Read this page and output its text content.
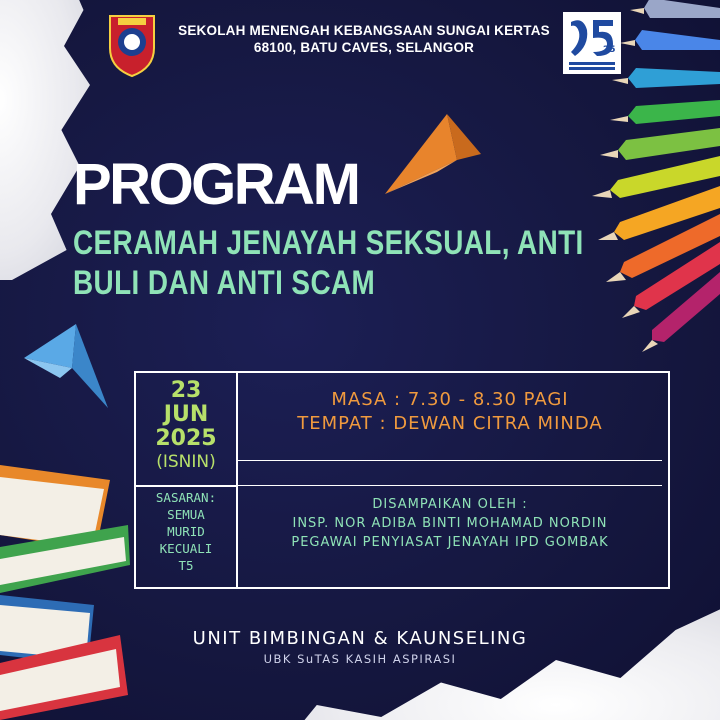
SEKOLAH MENENGAH KEBANGSAAN SUNGAI KERTAS
68100, BATU CAVES, SELANGOR	25
PROGRAM
CERAMAH JENAYAH SEKSUAL, ANTI
BULI DAN ANTI SCAM
23
JUN
2025
(ISNIN)
SASARAN:
SEMUA
MURID
KECUALI
T5
MASA : 7.30 - 8.30 PAGI
TEMPAT : DEWAN CITRA MINDA
DISAMPAIKAN OLEH :
INSP. NOR ADIBA BINTI MOHAMAD NORDIN
PEGAWAI PENYIASAT JENAYAH IPD GOMBAK
UNIT BIMBINGAN & KAUNSELING
UBK SuTAS KASIH ASPIRASI
